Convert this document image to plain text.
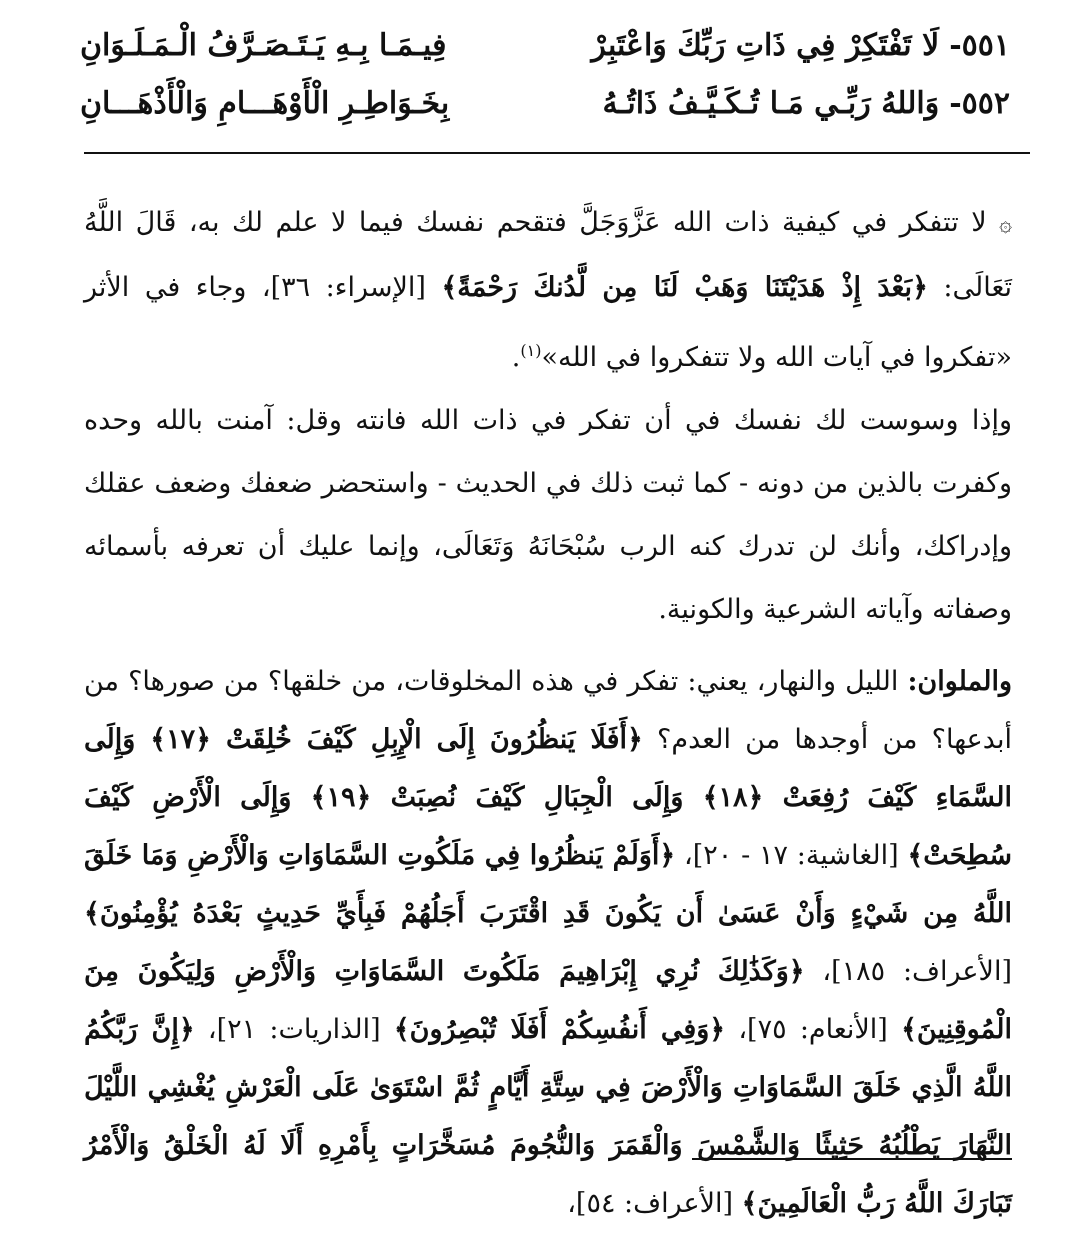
٥٥١-
لَا تَفْتَكِرْ فِي ذَاتِ رَبِّكَ وَاعْتَبِرْ
فِيـمَـا بِـهِ يَـتَـصَـرَّفُ الْـمَـلَـوَانِ
٥٥٢-
وَاللهُ رَبِّـي مَـا تُـكَـيَّـفُ ذَاتُـهُ
بِخَـوَاطِـرِ الْأَوْهَـــامِ وَالْأَذْهَـــانِ

۞ لا تتفكر في كيفية ذات الله عَزَّوَجَلَّ فتقحم نفسك فيما لا علم لك به، قَالَ اللَّهُ تَعَالَى: ﴿بَعْدَ إِذْ هَدَيْتَنَا وَهَبْ لَنَا مِن لَّدُنكَ رَحْمَةً﴾ [الإسراء: ٣٦]، وجاء في الأثر «تفكروا في آيات الله ولا تتفكروا في الله»$^{(١)}$.

وإذا وسوست لك نفسك في أن تفكر في ذات الله فانته وقل: آمنت بالله وحده وكفرت بالذين من دونه - كما ثبت ذلك في الحديث - واستحضر ضعفك وضعف عقلك وإدراكك، وأنك لن تدرك كنه الرب سُبْحَانَهُ وَتَعَالَى، وإنما عليك أن تعرفه بأسمائه وصفاته وآياته الشرعية والكونية.

والملوان: الليل والنهار، يعني: تفكر في هذه المخلوقات، من خلقها؟ من صورها؟ من أبدعها؟ من أوجدها من العدم؟ ﴿أَفَلَا يَنظُرُونَ إِلَى الْإِبِلِ كَيْفَ خُلِقَتْ ﴿١٧﴾ وَإِلَى السَّمَاءِ كَيْفَ رُفِعَتْ ﴿١٨﴾ وَإِلَى الْجِبَالِ كَيْفَ نُصِبَتْ ﴿١٩﴾ وَإِلَى الْأَرْضِ كَيْفَ سُطِحَتْ﴾ [الغاشية: ١٧ - ٢٠]، ﴿أَوَلَمْ يَنظُرُوا فِي مَلَكُوتِ السَّمَاوَاتِ وَالْأَرْضِ وَمَا خَلَقَ اللَّهُ مِن شَيْءٍ وَأَنْ عَسَىٰ أَن يَكُونَ قَدِ اقْتَرَبَ أَجَلُهُمْ فَبِأَيِّ حَدِيثٍ بَعْدَهُ يُؤْمِنُونَ﴾ [الأعراف: ١٨٥]، ﴿وَكَذَٰلِكَ نُرِي إِبْرَاهِيمَ مَلَكُوتَ السَّمَاوَاتِ وَالْأَرْضِ وَلِيَكُونَ مِنَ الْمُوقِنِينَ﴾ [الأنعام: ٧٥]، ﴿وَفِي أَنفُسِكُمْ أَفَلَا تُبْصِرُونَ﴾ [الذاريات: ٢١]، ﴿إِنَّ رَبَّكُمُ اللَّهُ الَّذِي خَلَقَ السَّمَاوَاتِ وَالْأَرْضَ فِي سِتَّةِ أَيَّامٍ ثُمَّ اسْتَوَىٰ عَلَى الْعَرْشِ يُغْشِي اللَّيْلَ النَّهَارَ يَطْلُبُهُ حَثِيثًا وَالشَّمْسَ وَالْقَمَرَ وَالنُّجُومَ مُسَخَّرَاتٍ بِأَمْرِهِ أَلَا لَهُ الْخَلْقُ وَالْأَمْرُ تَبَارَكَ اللَّهُ رَبُّ الْعَالَمِينَ﴾ [الأعراف: ٥٤]،
